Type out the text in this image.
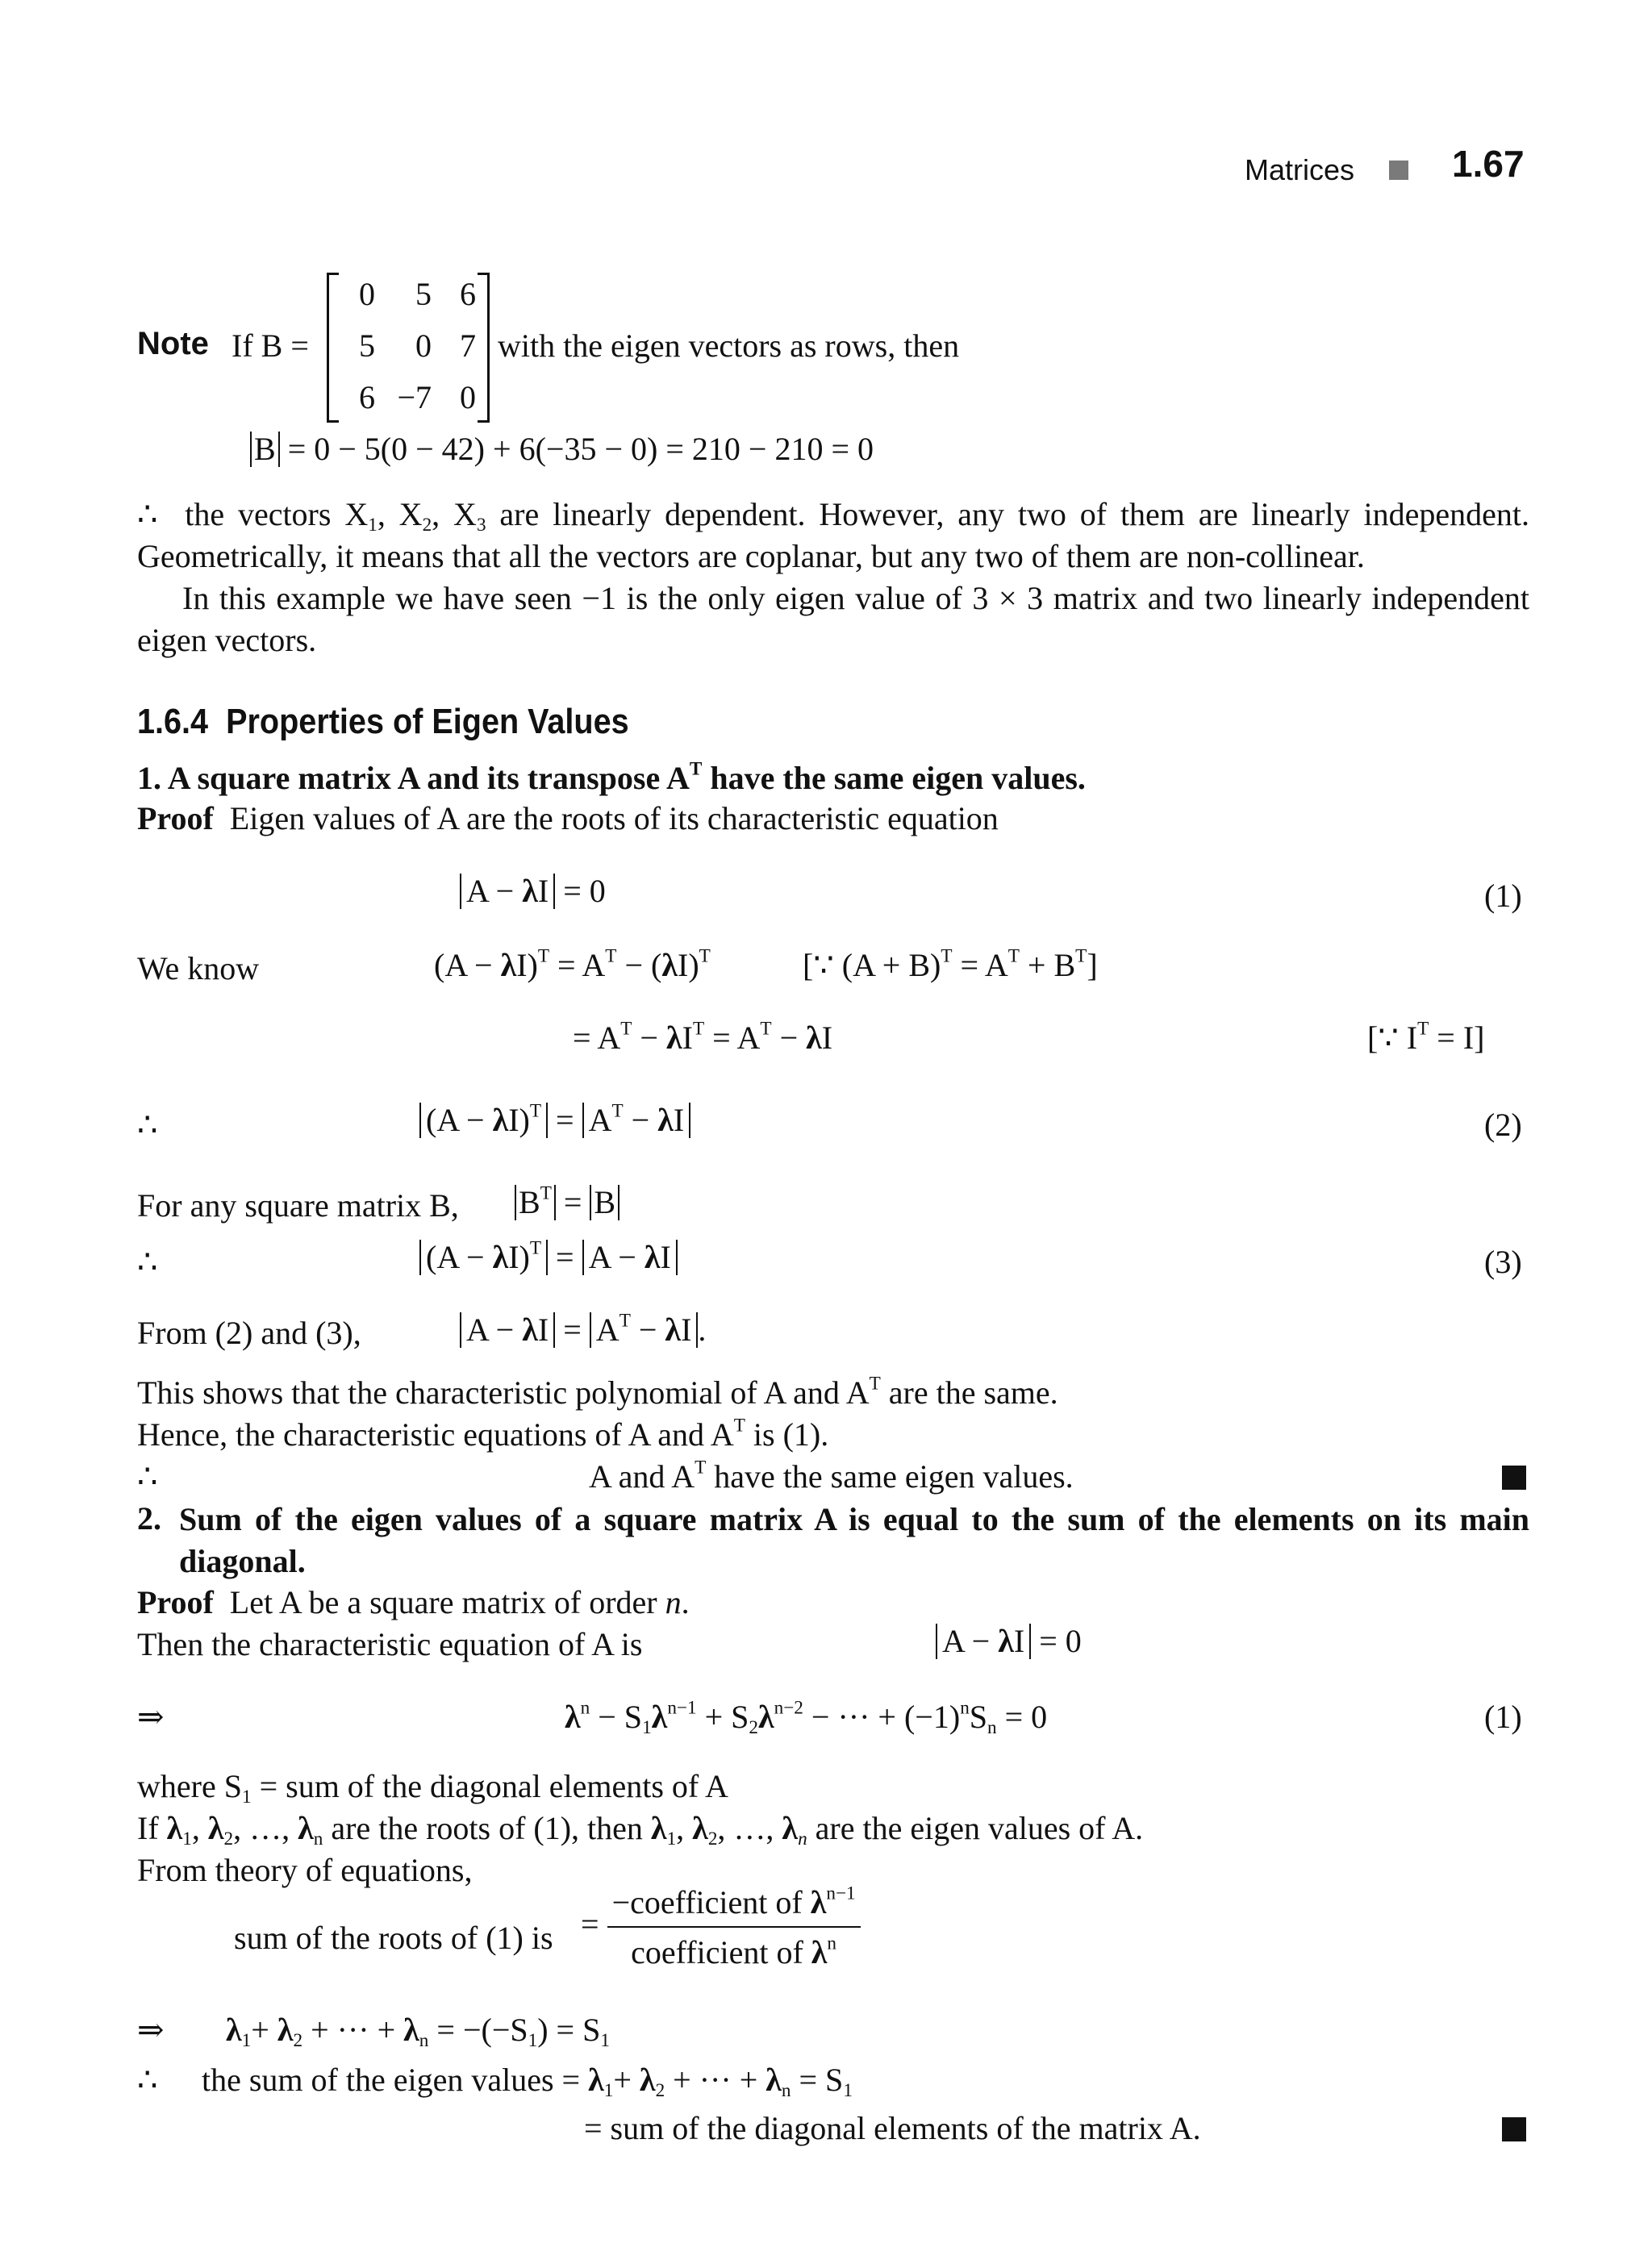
Matrices	1.67
Note If B =
0	5 6
5	0 7
6 −7 0
with the eigen vectors as rows, then
B = 0 − 5(0 − 42) + 6(−35 − 0) = 210 − 210 = 0
∴ the vectors $X_1$, $X_2$, $X_3$ are linearly dependent. However, any two of them are linearly independent. Geometrically, it means that all the vectors are coplanar, but any two of them are non-collinear.
In this example we have seen −1 is the only eigen value of 3 × 3 matrix and two linearly independent eigen vectors.
1.6.4 Properties of Eigen Values
1. A square matrix A and its transpose $A^T$ have the same eigen values.
Proof Eigen values of A are the roots of its characteristic equation
A − λI = 0	(1)
We know	$(A - \lambda I)^T = A^T - (\lambda I)^T$	[∵ $(A + B)^T = A^T + B^T$]
= $A^T - \lambda I^T = A^T - \lambda I$	[∵ $I^T = I$]
∴	$(A - \lambda I)^T = A^T - \lambda I$	(2)
For any square matrix B, $B^T = B$
∴	$(A - \lambda I)^T = A - \lambda I$	(3)
From (2) and (3),	$A - \lambda I = A^T - \lambda I$ .
This shows that the characteristic polynomial of A and $A^T$ are the same.
Hence, the characteristic equations of A and $A^T$ is (1).
∴	A and $A^T$ have the same eigen values.
2. Sum of the eigen values of a square matrix A is equal to the sum of the elements on its main diagonal.
Proof Let A be a square matrix of order n.
Then the characteristic equation of A is	A − λI = 0
⇒	$\lambda^n - S_1\lambda^{n-1} + S_2\lambda^{n-2}$ − ··· + $(-1)^nS_n = 0$	(1)
where $S_1$ = sum of the diagonal elements of A
If $\lambda_1$, $\lambda_2$, …, $\lambda_n$ are the roots of (1), then $\lambda_1$, $\lambda_2$, …, $\lambda_n$ are the eigen values of A.
From theory of equations,
sum of the roots of (1) is = $\frac{-coefficient of \lambda^{n-1}}{coefficient of \lambda^n}$
⇒ $\lambda_1+ \lambda_2$ + ··· + $\lambda_n = -(-S_1) = S_1$
∴ the sum of the eigen values = $\lambda_1+ \lambda_2$ + ··· + $\lambda_n = S_1$
= sum of the diagonal elements of the matrix A.
